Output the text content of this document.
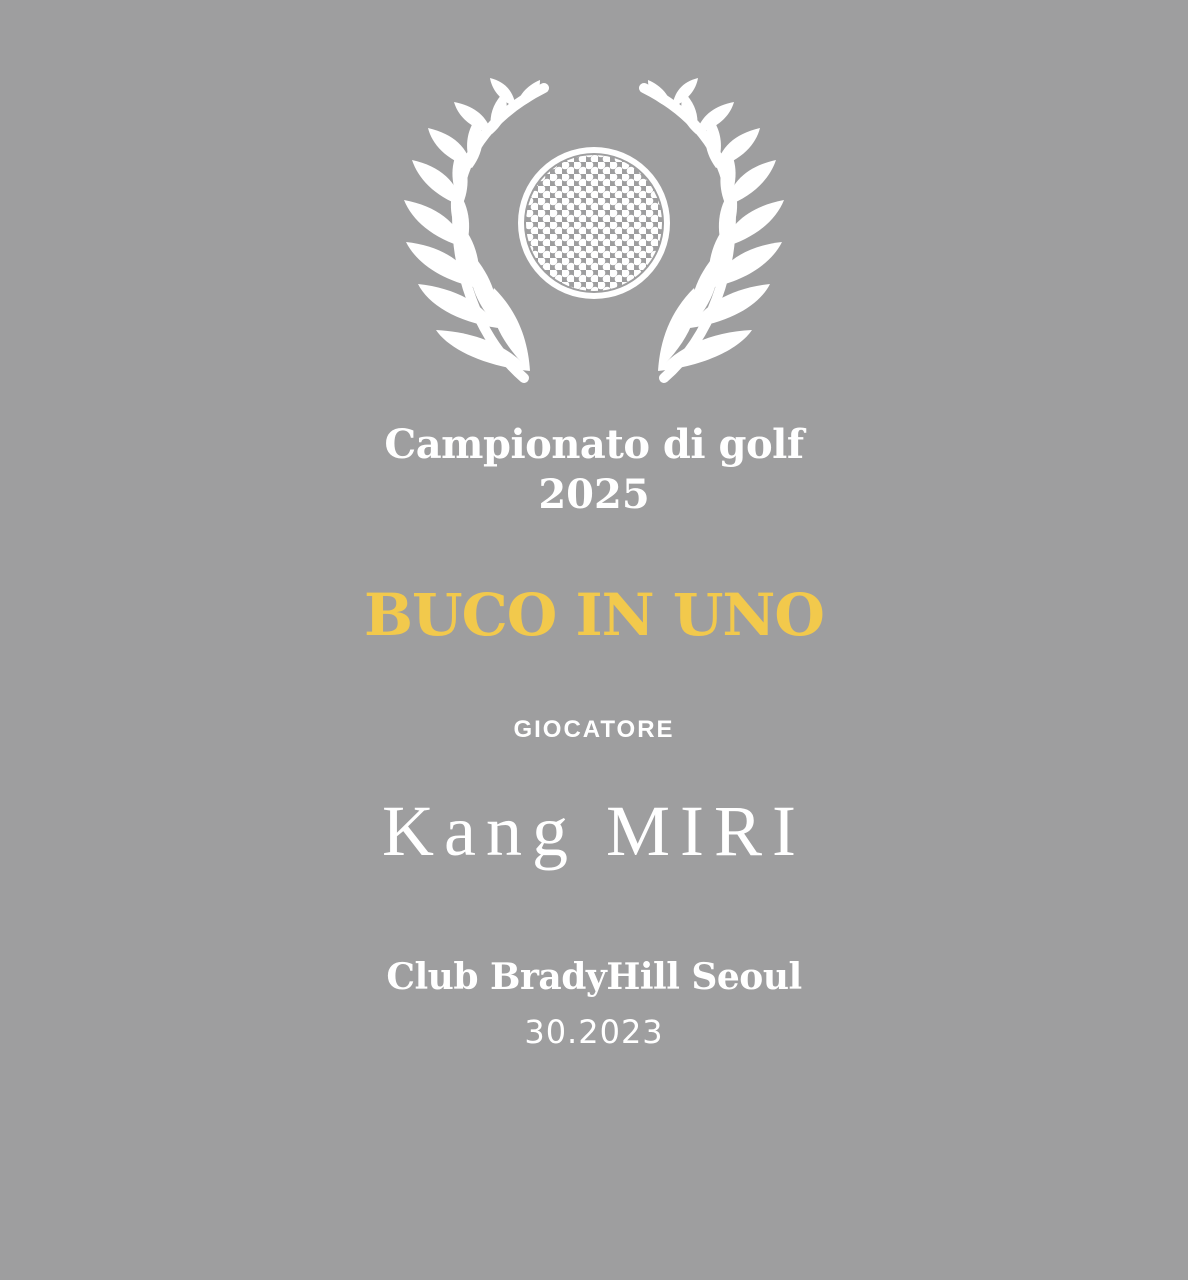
Campionato di golf
2025
BUCO IN UNO
GIOCATORE
Kang MIRI
Club BradyHill Seoul
30.2023
